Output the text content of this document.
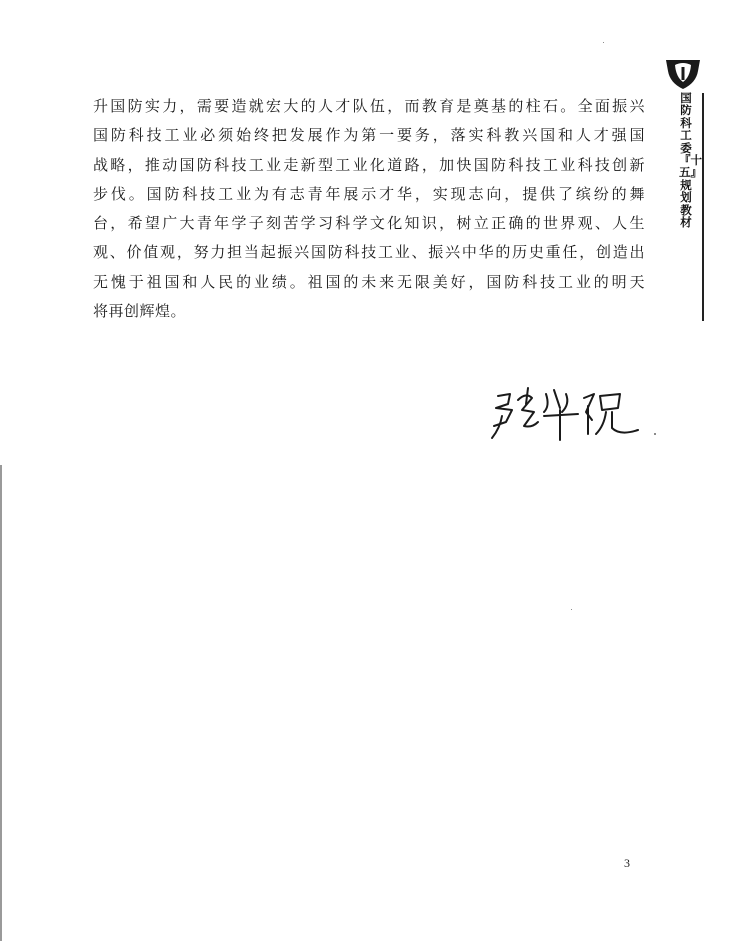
升国防实力，需要造就宏大的人才队伍，而教育是奠基的柱石。全面振兴
国防科技工业必须始终把发展作为第一要务，落实科教兴国和人才强国
战略，推动国防科技工业走新型工业化道路，加快国防科技工业科技创新
步伐。国防科技工业为有志青年展示才华，实现志向，提供了缤纷的舞
台，希望广大青年学子刻苦学习科学文化知识，树立正确的世界观、人生
观、价值观，努力担当起振兴国防科技工业、振兴中华的历史重任，创造出
无愧于祖国和人民的业绩。祖国的未来无限美好，国防科技工业的明天
将再创辉煌。
国防科工委『十五』规划教材
3
